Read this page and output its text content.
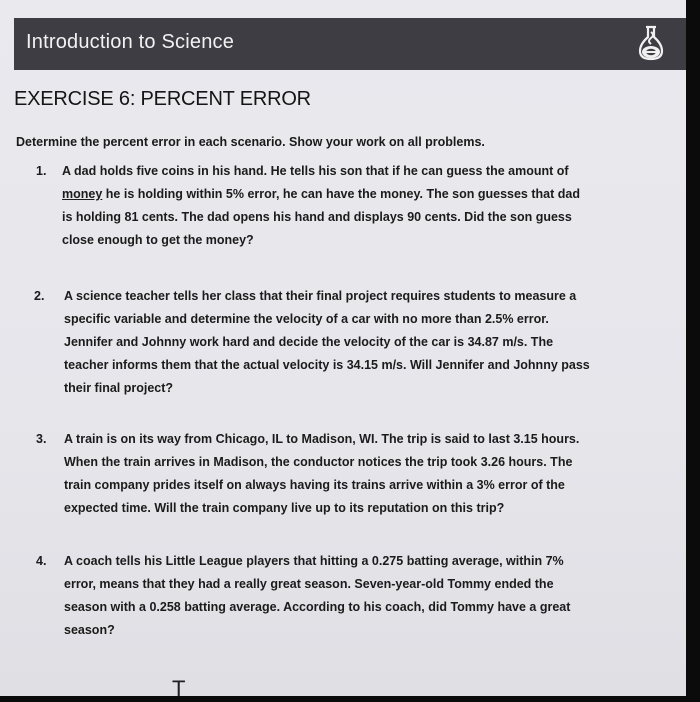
Introduction to Science
EXERCISE 6: PERCENT ERROR
Determine the percent error in each scenario. Show your work on all problems.
1.	A dad holds five coins in his hand. He tells his son that if he can guess the amount of
money he is holding within 5% error, he can have the money. The son guesses that dad
is holding 81 cents. The dad opens his hand and displays 90 cents. Did the son guess
close enough to get the money?
2.	A science teacher tells her class that their final project requires students to measure a
specific variable and determine the velocity of a car with no more than 2.5% error.
Jennifer and Johnny work hard and decide the velocity of the car is 34.87 m/s. The
teacher informs them that the actual velocity is 34.15 m/s. Will Jennifer and Johnny pass
their final project?
3.	A train is on its way from Chicago, IL to Madison, WI. The trip is said to last 3.15 hours.
When the train arrives in Madison, the conductor notices the trip took 3.26 hours. The
train company prides itself on always having its trains arrive within a 3% error of the
expected time. Will the train company live up to its reputation on this trip?
4.	A coach tells his Little League players that hitting a 0.275 batting average, within 7%
error, means that they had a really great season. Seven-year-old Tommy ended the
season with a 0.258 batting average. According to his coach, did Tommy have a great
season?
T
